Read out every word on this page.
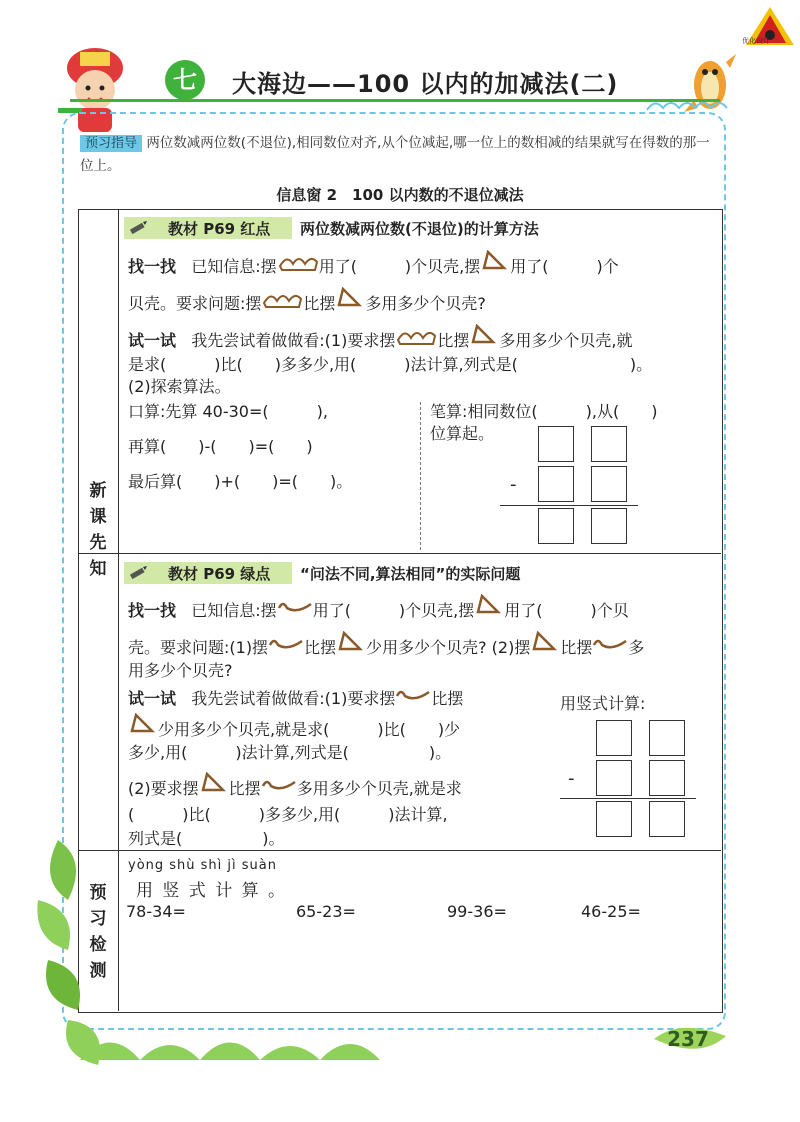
优化设计
七	大海边——100 以内的加减法(二)
预习指导 两位数减两位数(不退位),相同数位对齐,从个位减起,哪一位上的数相减的结果就写在得数的那一位上。
信息窗 2　100 以内数的不退位减法
新课先知
预习检测
教材 P69 红点 两位数减两位数(不退位)的计算方法
找一找 已知信息:摆	用了(　　　)个贝壳,摆 用了(　　　)个
贝壳。要求问题:摆	比摆 多用多少个贝壳?
试一试 我先尝试着做做看:(1)要求摆	比摆 多用多少个贝壳,就
是求(　　　)比(　　)多多少,用(　　　)法计算,列式是(　　　　　　　)。
(2)探索算法。
口算:先算 40-30=(　　　),
再算(　　)-(　　)=(　　)
最后算(　　)+(　　)=(　　)。
笔算:相同数位(　　　),从(　　)
位算起。
-
教材 P69 绿点 “问法不同,算法相同”的实际问题
找一找 已知信息:摆 用了(　　　)个贝壳,摆 用了(　　　)个贝
壳。要求问题:(1)摆 比摆 少用多少个贝壳? (2)摆 比摆 多
用多少个贝壳?
试一试 我先尝试着做做看:(1)要求摆 比摆
少用多少个贝壳,就是求(　　　)比(　　)少
多少,用(　　　)法计算,列式是(　　　　　)。
(2)要求摆 比摆 多用多少个贝壳,就是求
(　　　)比(　　　)多多少,用(　　　)法计算,
列式是(　　　　　)。
用竖式计算:
-
yòng shù shì jì suàn
用 竖 式 计 算 。
78-34=	65-23=	99-36=	46-25=
237
